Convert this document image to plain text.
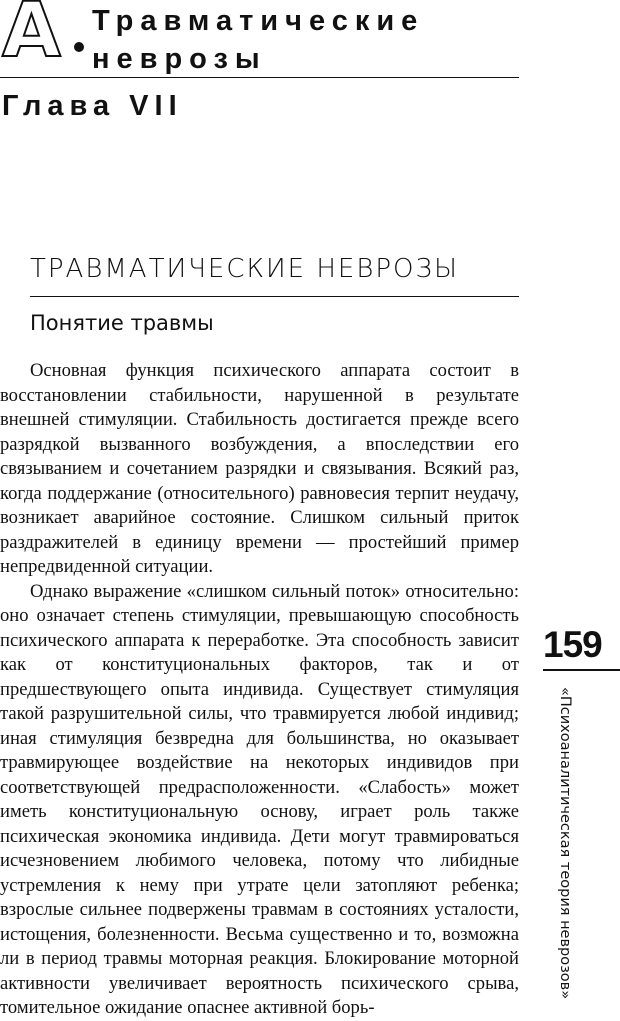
А Травматические
неврозы
Глава VII
ТРАВМАТИЧЕСКИЕ НЕВРОЗЫ
Понятие травмы

Основная функция психического аппарата состоит в восстановлении стабильности, нарушенной в результате внешней стимуляции. Стабильность достигается прежде всего разрядкой вызванного возбуждения, а впоследствии его связыванием и сочетанием разрядки и связывания. Всякий раз, когда поддержание (относительного) равновесия терпит неудачу, возникает аварийное состояние. Слишком сильный приток раздражителей в единицу времени — простейший пример непредвиденной ситуации.

Однако выражение «слишком сильный поток» относительно: оно означает степень стимуляции, превышающую способность психического аппарата к переработке. Эта способность зависит как от конституциональных факторов, так и от предшествующего опыта индивида. Существует стимуляция такой разрушительной силы, что травмируется любой индивид; иная стимуляция безвредна для большинства, но оказывает травмирующее воздействие на некоторых индивидов при соответствующей предрасположенности. «Слабость» может иметь конституциональную основу, играет роль также психическая экономика индивида. Дети могут травмироваться исчезновением любимого человека, потому что либидные устремления к нему при утрате цели затопляют ребенка; взрослые сильнее подвержены травмам в состояниях усталости, истощения, болезненности. Весьма существенно и то, возможна ли в период травмы моторная реакция. Блокирование моторной активности увеличивает вероятность психического срыва, томительное ожидание опаснее активной борь-

159
«Психоаналитическая теория неврозов»
